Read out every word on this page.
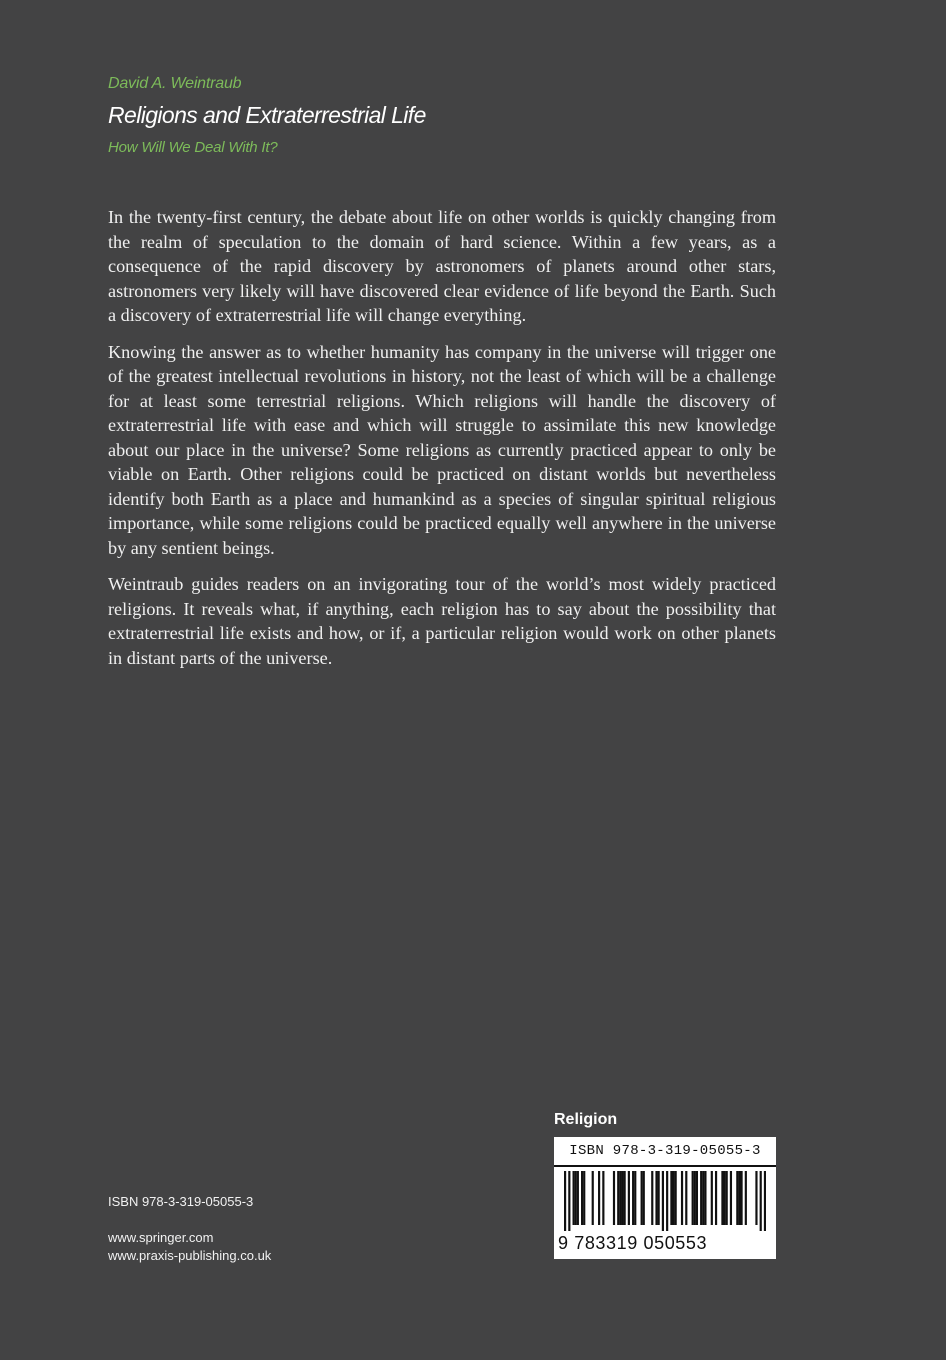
David A. Weintraub
Religions and Extraterrestrial Life
How Will We Deal With It?

In the twenty-first century, the debate about life on other worlds is quickly changing from the realm of speculation to the domain of hard science. Within a few years, as a consequence of the rapid discovery by astronomers of planets around other stars, astronomers very likely will have discovered clear evidence of life beyond the Earth. Such a discovery of extraterrestrial life will change everything.

Knowing the answer as to whether humanity has company in the universe will trigger one of the greatest intellectual revolutions in history, not the least of which will be a challenge for at least some terrestrial religions. Which religions will handle the discovery of extraterrestrial life with ease and which will struggle to assimilate this new knowledge about our place in the universe? Some religions as currently practiced appear to only be viable on Earth. Other religions could be practiced on distant worlds but nevertheless identify both Earth as a place and humankind as a species of singular spiritual religious importance, while some religions could be practiced equally well anywhere in the universe by any sentient beings.

Weintraub guides readers on an invigorating tour of the world’s most widely practiced religions. It reveals what, if anything, each religion has to say about the possibility that extraterrestrial life exists and how, or if, a particular religion would work on other planets in distant parts of the universe.

Religion
ISBN 978-3-319-05055-3
9 783319 050553
ISBN 978-3-319-05055-3
www.springer.com
www.praxis-publishing.co.uk
